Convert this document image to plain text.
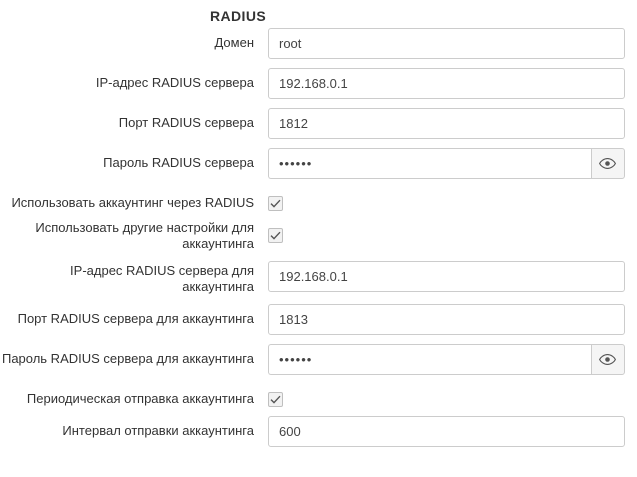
RADIUS
Домен
root
IP-адрес RADIUS сервера
192.168.0.1
Порт RADIUS сервера
1812
Пароль RADIUS сервера
••••••
Использовать аккаунтинг через RADIUS
Использовать другие настройки для
аккаунтинга
IP-адрес RADIUS сервера для
аккаунтинга
192.168.0.1
Порт RADIUS сервера для аккаунтинга
1813
Пароль RADIUS сервера для аккаунтинга
••••••
Периодическая отправка аккаунтинга
Интервал отправки аккаунтинга
600
